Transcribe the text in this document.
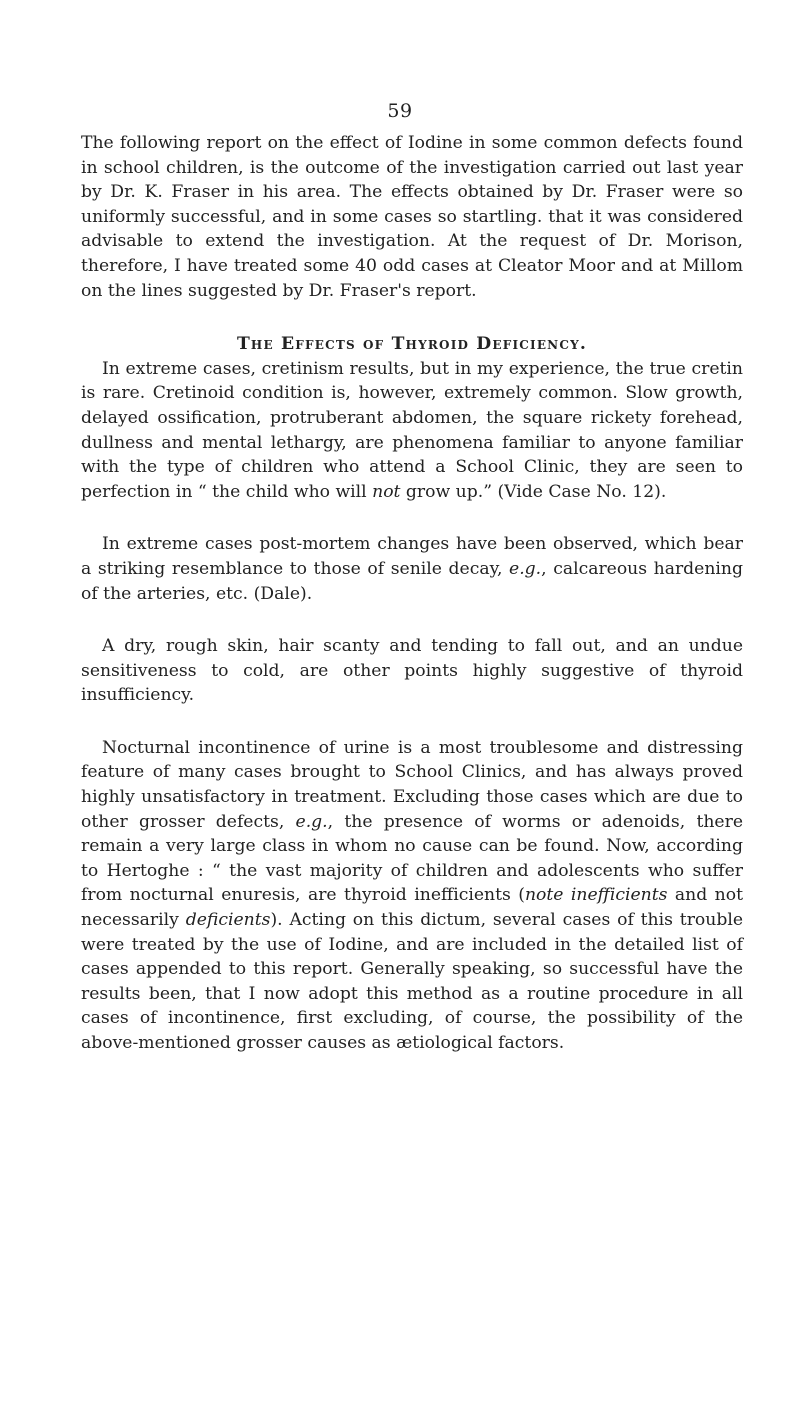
59

The following report on the effect of Iodine in some common defects found in school children, is the outcome of the investigation carried out last year by Dr. K. Fraser in his area. The effects obtained by Dr. Fraser were so uniformly successful, and in some cases so startling. that it was considered advisable to extend the investigation. At the request of Dr. Morison, therefore, I have treated some 40 odd cases at Cleator Moor and at Millom on the lines suggested by Dr. Fraser's report.

The Effects of Thyroid Deficiency.

In extreme cases, cretinism results, but in my experience, the true cretin is rare. Cretinoid condition is, however, extremely common. Slow growth, delayed ossification, protruberant abdomen, the square rickety forehead, dullness and mental lethargy, are phenomena familiar to anyone familiar with the type of children who attend a School Clinic, they are seen to perfection in “ the child who will not grow up.” (Vide Case No. 12).

In extreme cases post-mortem changes have been observed, which bear a striking resemblance to those of senile decay, e.g., calcareous hardening of the arteries, etc. (Dale).

A dry, rough skin, hair scanty and tending to fall out, and an undue sensitiveness to cold, are other points highly suggestive of thyroid insufficiency.

Nocturnal incontinence of urine is a most troublesome and distressing feature of many cases brought to School Clinics, and has always proved highly unsatisfactory in treatment. Excluding those cases which are due to other grosser defects, e.g., the presence of worms or adenoids, there remain a very large class in whom no cause can be found. Now, according to Hertoghe : “ the vast majority of children and adolescents who suffer from nocturnal enuresis, are thyroid inefficients (note inefficients and not necessarily deficients). Acting on this dictum, several cases of this trouble were treated by the use of Iodine, and are included in the detailed list of cases appended to this report. Generally speaking, so successful have the results been, that I now adopt this method as a routine procedure in all cases of incontinence, first excluding, of course, the possibility of the above-mentioned grosser causes as ætiological factors.
